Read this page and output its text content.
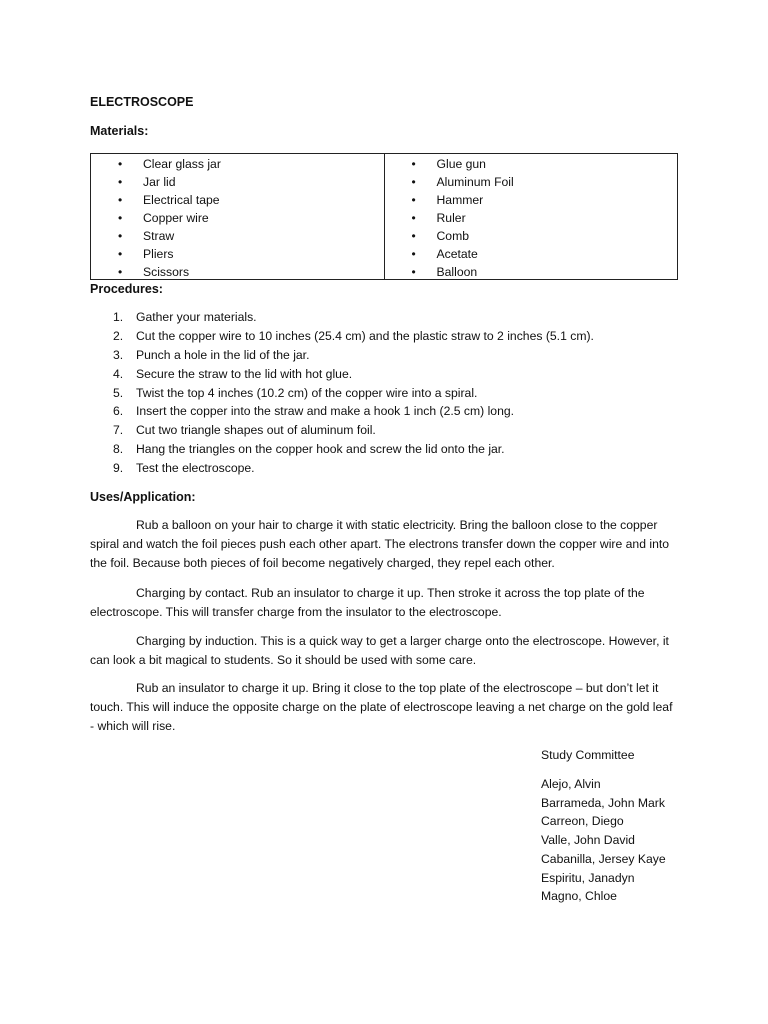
ELECTROSCOPE
Materials:
• Clear glass jar
• Jar lid
• Electrical tape
• Copper wire
• Straw
• Pliers
• Scissors
• Glue gun
• Aluminum Foil
• Hammer
• Ruler
• Comb
• Acetate
• Balloon
Procedures:
1. Gather your materials.
2. Cut the copper wire to 10 inches (25.4 cm) and the plastic straw to 2 inches (5.1 cm).
3. Punch a hole in the lid of the jar.
4. Secure the straw to the lid with hot glue.
5. Twist the top 4 inches (10.2 cm) of the copper wire into a spiral.
6. Insert the copper into the straw and make a hook 1 inch (2.5 cm) long.
7. Cut two triangle shapes out of aluminum foil.
8. Hang the triangles on the copper hook and screw the lid onto the jar.
9. Test the electroscope.
Uses/Application:

Rub a balloon on your hair to charge it with static electricity. Bring the balloon close to the copper spiral and watch the foil pieces push each other apart. The electrons transfer down the copper wire and into the foil. Because both pieces of foil become negatively charged, they repel each other.

Charging by contact. Rub an insulator to charge it up. Then stroke it across the top plate of the electroscope. This will transfer charge from the insulator to the electroscope.

Charging by induction. This is a quick way to get a larger charge onto the electroscope. However, it can look a bit magical to students. So it should be used with some care.

Rub an insulator to charge it up. Bring it close to the top plate of the electroscope – but don’t let it touch. This will induce the opposite charge on the plate of electroscope leaving a net charge on the gold leaf - which will rise.

Study Committee
Alejo, Alvin
Barrameda, John Mark
Carreon, Diego
Valle, John David
Cabanilla, Jersey Kaye
Espiritu, Janadyn
Magno, Chloe
